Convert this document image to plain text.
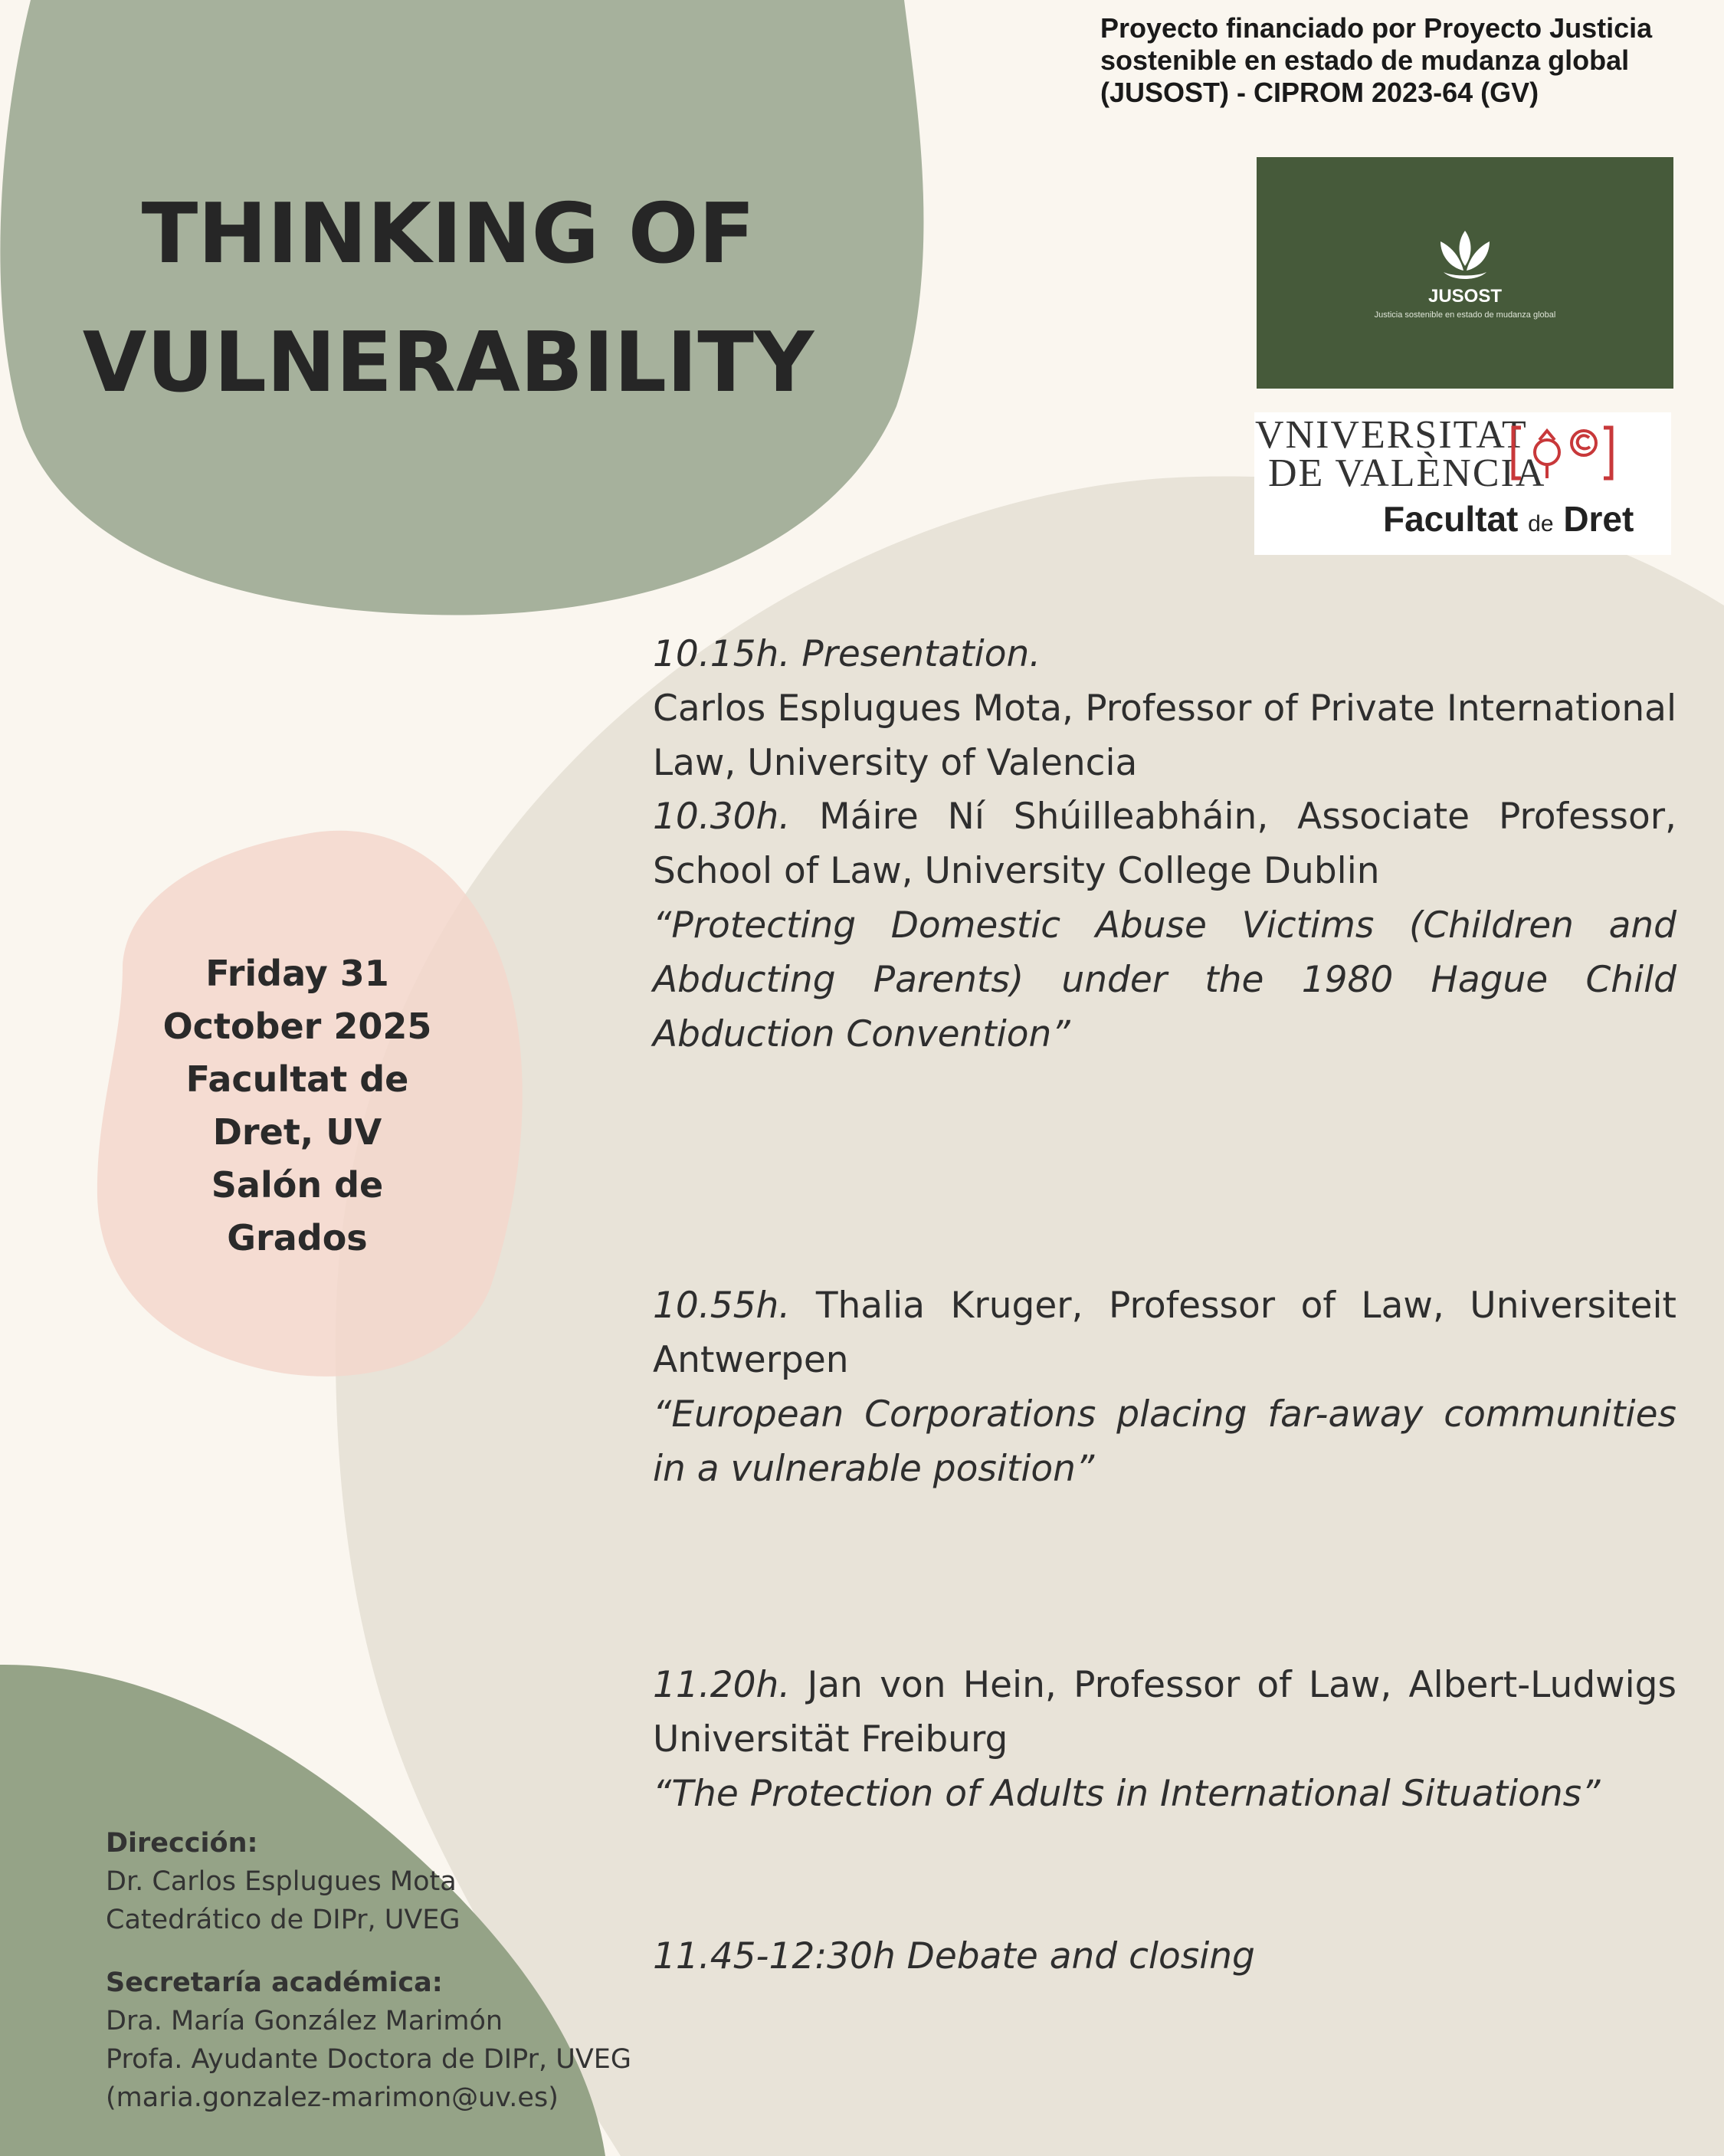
Proyecto financiado por Proyecto Justicia sostenible en estado de mudanza global (JUSOST) - CIPROM 2023-64 (GV)
THINKING OF
VULNERABILITY
JUSOST
Justicia sostenible en estado de mudanza global
VNIVERSITAT
DE VALÈNCIA
Facultat de Dret
Friday 31
October 2025
Facultat de
Dret, UV
Salón de
Grados

10.15h. Presentation.

Carlos Esplugues Mota, Professor of Private International Law, University of Valencia

10.30h. Máire Ní Shúilleabháin, Associate Professor, School of Law, University College Dublin

“Protecting Domestic Abuse Victims (Children and Abducting Parents) under the 1980 Hague Child Abduction Convention”

10.55h. Thalia Kruger, Professor of Law, Universiteit Antwerpen

“European Corporations placing far-away communities in a vulnerable position”

11.20h. Jan von Hein, Professor of Law, Albert-Ludwigs Universität Freiburg

“The Protection of Adults in International Situations”

11.45-12:30h Debate and closing

Dirección:

Dr. Carlos Esplugues Mota

Catedrático de DIPr, UVEG

Secretaría académica:

Dra. María González Marimón

Profa. Ayudante Doctora de DIPr, UVEG

(maria.gonzalez-marimon@uv.es)
